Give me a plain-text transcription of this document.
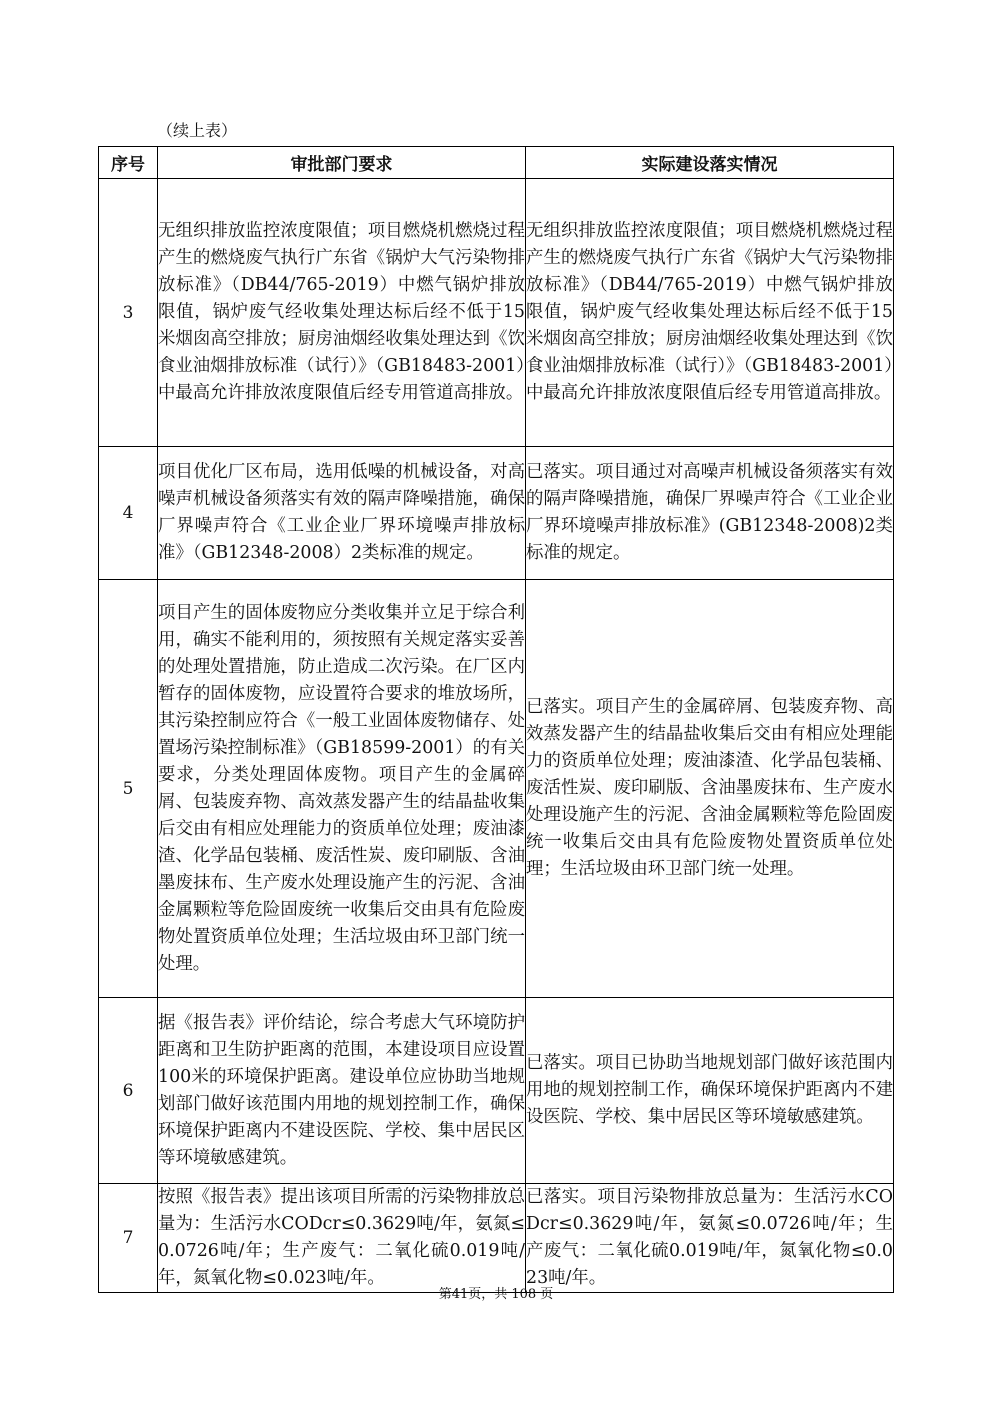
（续上表）
序号	审批部门要求	实际建设落实情况
3	无组织排放监控浓度限值；项目燃烧机燃烧过程产生的燃烧废气执行广东省《锅炉大气污染物排放标准》（DB44/765-2019）中燃气锅炉排放限值，锅炉废气经收集处理达标后经不低于15米烟囱高空排放；厨房油烟经收集处理达到《饮食业油烟排放标准（试行）》（GB18483-2001）中最高允许排放浓度限值后经专用管道高排放。	无组织排放监控浓度限值；项目燃烧机燃烧过程产生的燃烧废气执行广东省《锅炉大气污染物排放标准》（DB44/765-2019）中燃气锅炉排放限值，锅炉废气经收集处理达标后经不低于15米烟囱高空排放；厨房油烟经收集处理达到《饮食业油烟排放标准（试行）》（GB18483-2001）中最高允许排放浓度限值后经专用管道高排放。
4	项目优化厂区布局，选用低噪的机械设备，对高噪声机械设备须落实有效的隔声降噪措施，确保厂界噪声符合《工业企业厂界环境噪声排放标准》（GB12348-2008）2类标准的规定。	已落实。项目通过对高噪声机械设备须落实有效的隔声降噪措施，确保厂界噪声符合《工业企业厂界环境噪声排放标准》(GB12348-2008)2类标准的规定。
5	项目产生的固体废物应分类收集并立足于综合利用，确实不能利用的，须按照有关规定落实妥善的处理处置措施，防止造成二次污染。在厂区内暂存的固体废物，应设置符合要求的堆放场所，其污染控制应符合《一般工业固体废物储存、处置场污染控制标准》（GB18599-2001）的有关要求，分类处理固体废物。项目产生的金属碎屑、包装废弃物、高效蒸发器产生的结晶盐收集后交由有相应处理能力的资质单位处理；废油漆渣、化学品包装桶、废活性炭、废印刷版、含油墨废抹布、生产废水处理设施产生的污泥、含油金属颗粒等危险固废统一收集后交由具有危险废物处置资质单位处理；生活垃圾由环卫部门统一处理。	已落实。项目产生的金属碎屑、包装废弃物、高效蒸发器产生的结晶盐收集后交由有相应处理能力的资质单位处理；废油漆渣、化学品包装桶、废活性炭、废印刷版、含油墨废抹布、生产废水处理设施产生的污泥、含油金属颗粒等危险固废统一收集后交由具有危险废物处置资质单位处理；生活垃圾由环卫部门统一处理。
6	据《报告表》评价结论，综合考虑大气环境防护距离和卫生防护距离的范围，本建设项目应设置100米的环境保护距离。建设单位应协助当地规划部门做好该范围内用地的规划控制工作，确保环境保护距离内不建设医院、学校、集中居民区等环境敏感建筑。	已落实。项目已协助当地规划部门做好该范围内用地的规划控制工作，确保环境保护距离内不建设医院、学校、集中居民区等环境敏感建筑。
7	按照《报告表》提出该项目所需的污染物排放总量为：生活污水CODcr≤0.3629吨/年，氨氮≤0.0726吨/年；生产废气：二氧化硫0.019吨/年，氮氧化物≤0.023吨/年。	已落实。项目污染物排放总量为：生活污水CODcr≤0.3629吨/年，氨氮≤0.0726吨/年；生产废气：二氧化硫0.019吨/年，氮氧化物≤0.023吨/年。
第41页，共 108 页
